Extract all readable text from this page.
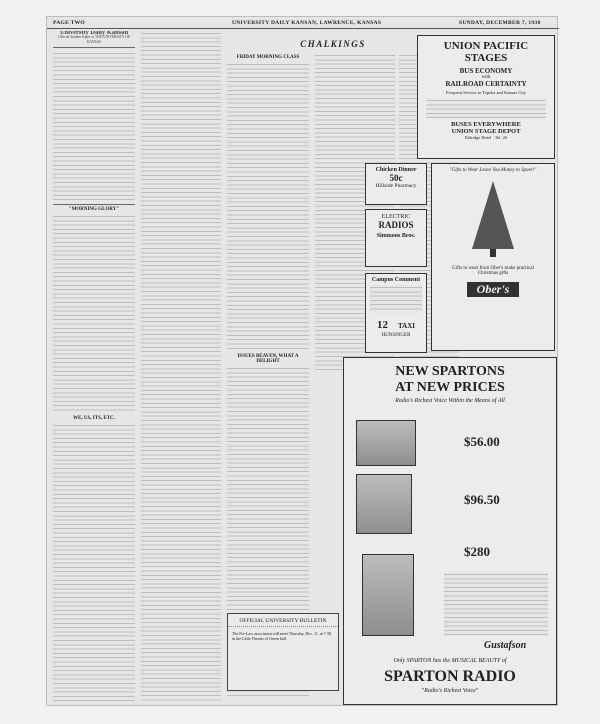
PAGE TWO	UNIVERSITY DAILY KANSAN, LAWRENCE, KANSAS	SUNDAY, DECEMBER 7, 1930
University Daily Kansan
Official Student Paper of THE UNIVERSITY OF KANSAS
"MORNING GLORY"
WE, US, ITS, ETC.
CHALKINGS
FRIDAY MORNING CLASS
ISSUES BEAVEN, WHAT A DELIGHT
UNION PACIFIC
STAGES
BUS ECONOMY
with
RAILROAD CERTAINTY
Frequent Service to Topeka and Kansas City
BUSES EVERYWHERE
UNION STAGE DEPOT
Eldridge Hotel Tel. 26
Chicken Dinner
50c
Hillside Pharmacy
ELECTRIC
RADIOS
Simmons Bros.
Campus Comment
12 TAXI
HUNSINGER
"Gifts to Wear Leave You Money to Spare!"
Gifts to wear from Ober's make practical Christmas gifts
Ober's
NEW SPARTONS
AT NEW PRICES
Radio's Richest Voice Within the Means of All
$56.00
$96.50
$280
Gustafson
Only SPARTON has the MUSICAL BEAUTY of
SPARTON RADIO
"Radio's Richest Voice"
OFFICIAL UNIVERSITY BULLETIN
The Pre-Law association will meet Thursday, Dec. 11, at 7:30, in the Little Theater of Green hall.
